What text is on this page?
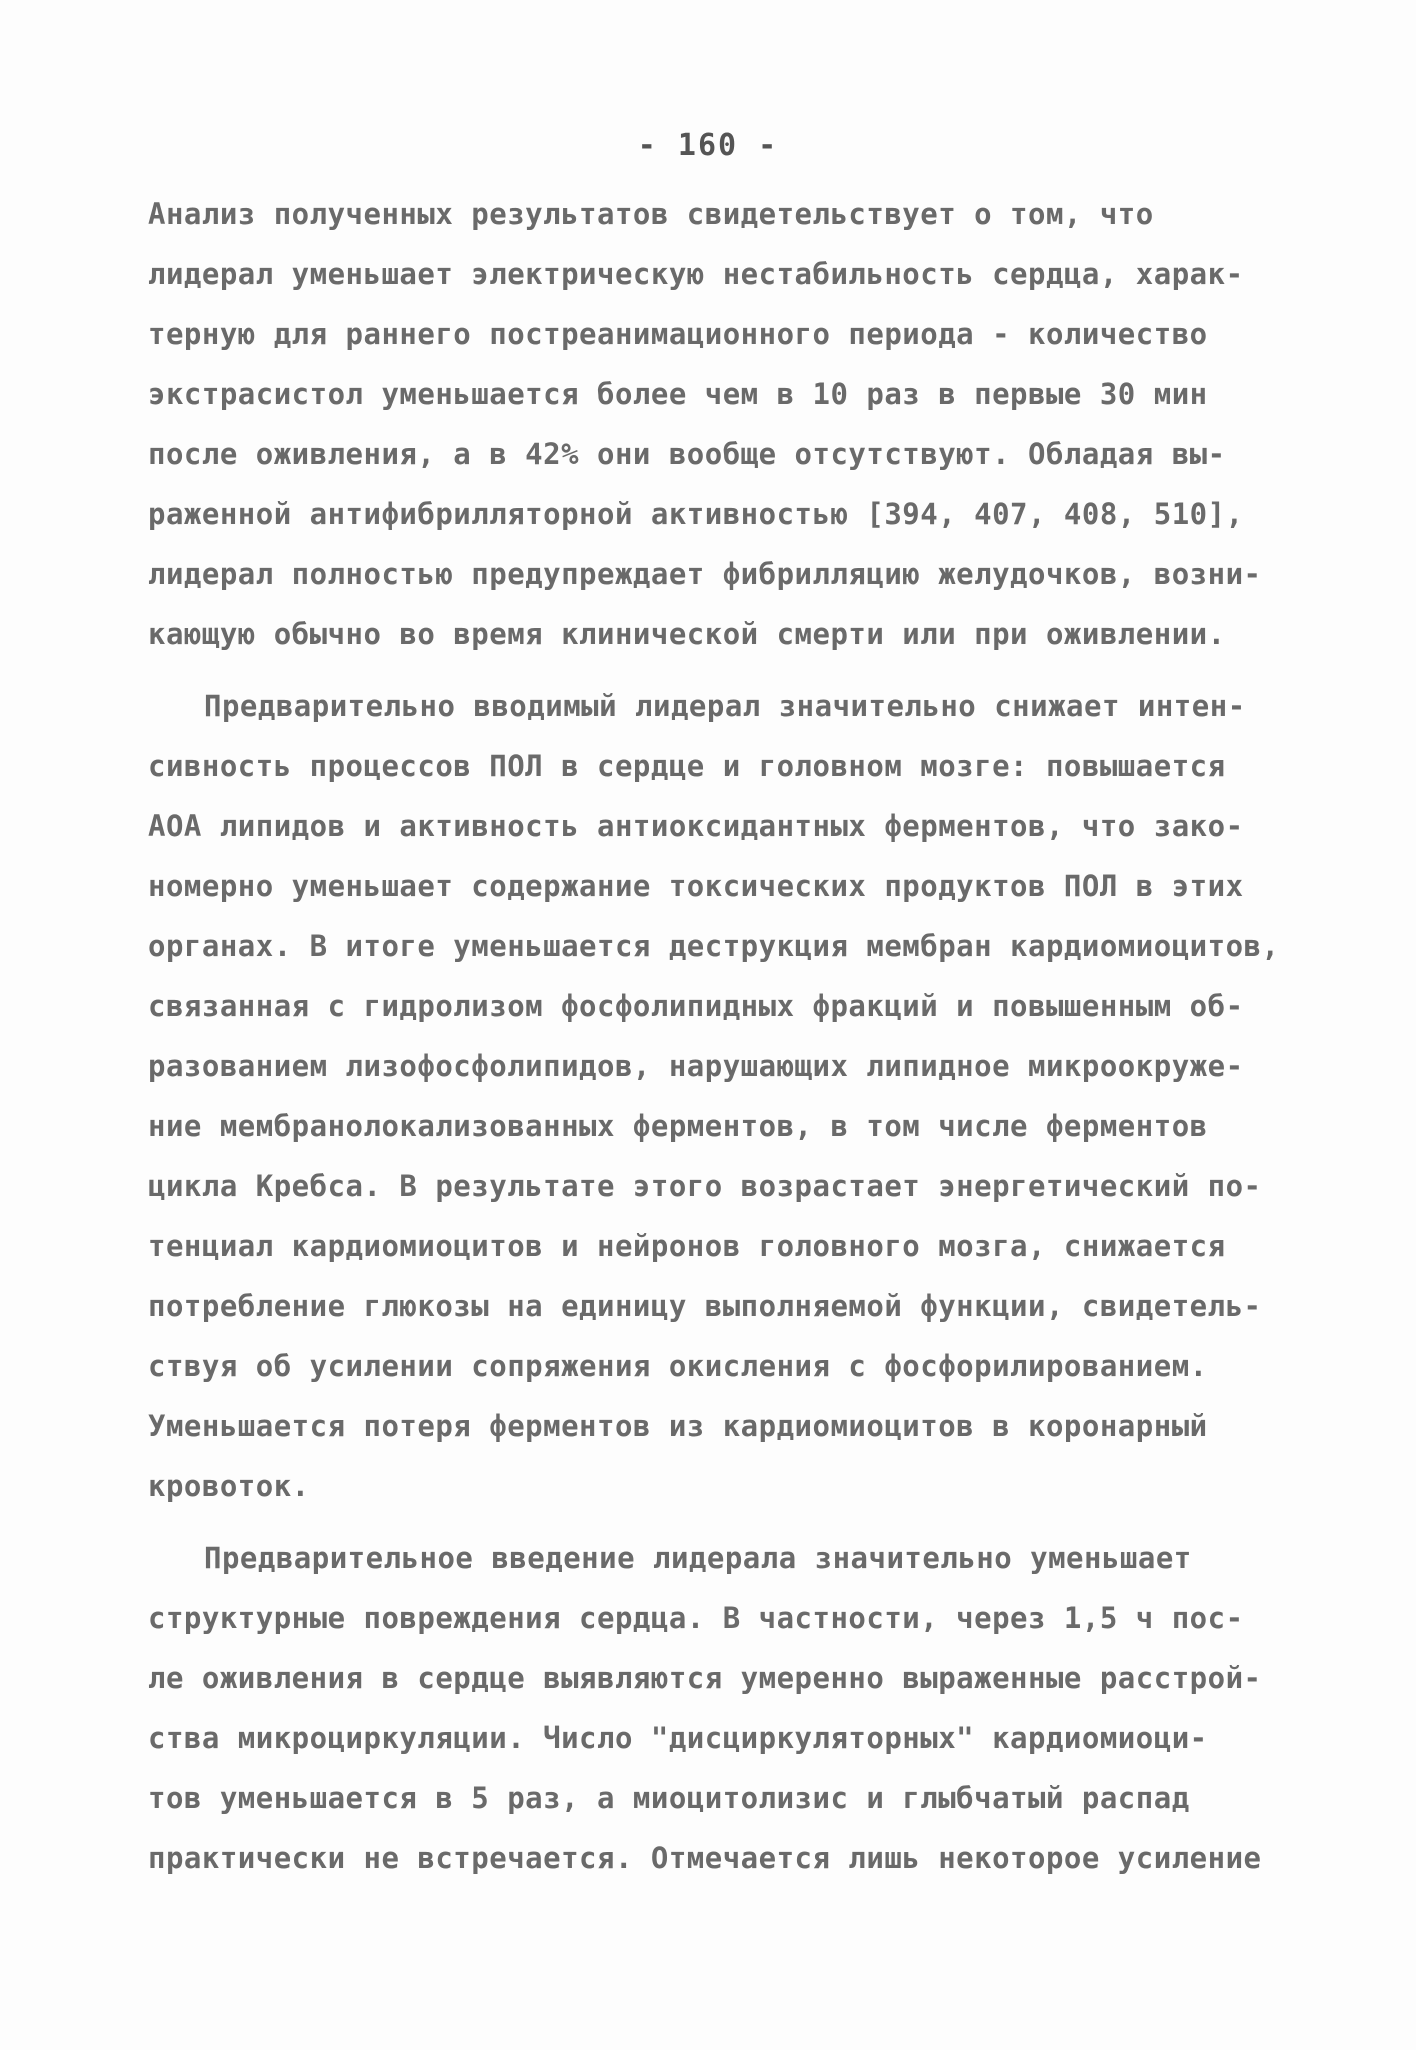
- 160 -

Анализ полученных результатов свидетельствует о том, что
лидерал уменьшает электрическую нестабильность сердца, харак-
терную для раннего постреанимационного периода - количество
экстрасистол уменьшается более чем в 10 раз в первые 30 мин
после оживления, а в 42% они вообще отсутствуют. Обладая вы-
раженной антифибрилляторной активностью [394, 407, 408, 510],
лидерал полностью предупреждает фибрилляцию желудочков, возни-
кающую обычно во время клинической смерти или при оживлении.

Предварительно вводимый лидерал значительно снижает интен-
сивность процессов ПОЛ в сердце и головном мозге: повышается
АОА липидов и активность антиоксидантных ферментов, что зако-
номерно уменьшает содержание токсических продуктов ПОЛ в этих
органах. В итоге уменьшается деструкция мембран кардиомиоцитов,
связанная с гидролизом фосфолипидных фракций и повышенным об-
разованием лизофосфолипидов, нарушающих липидное микроокруже-
ние мембранолокализованных ферментов, в том числе ферментов
цикла Кребса. В результате этого возрастает энергетический по-
тенциал кардиомиоцитов и нейронов головного мозга, снижается
потребление глюкозы на единицу выполняемой функции, свидетель-
ствуя об усилении сопряжения окисления с фосфорилированием.
Уменьшается потеря ферментов из кардиомиоцитов в коронарный
кровоток.

Предварительное введение лидерала значительно уменьшает
структурные повреждения сердца. В частности, через 1,5 ч пос-
ле оживления в сердце выявляются умеренно выраженные расстрой-
ства микроциркуляции. Число "дисциркуляторных" кардиомиоци-
тов уменьшается в 5 раз, а миоцитолизис и глыбчатый распад
практически не встречается. Отмечается лишь некоторое усиление
